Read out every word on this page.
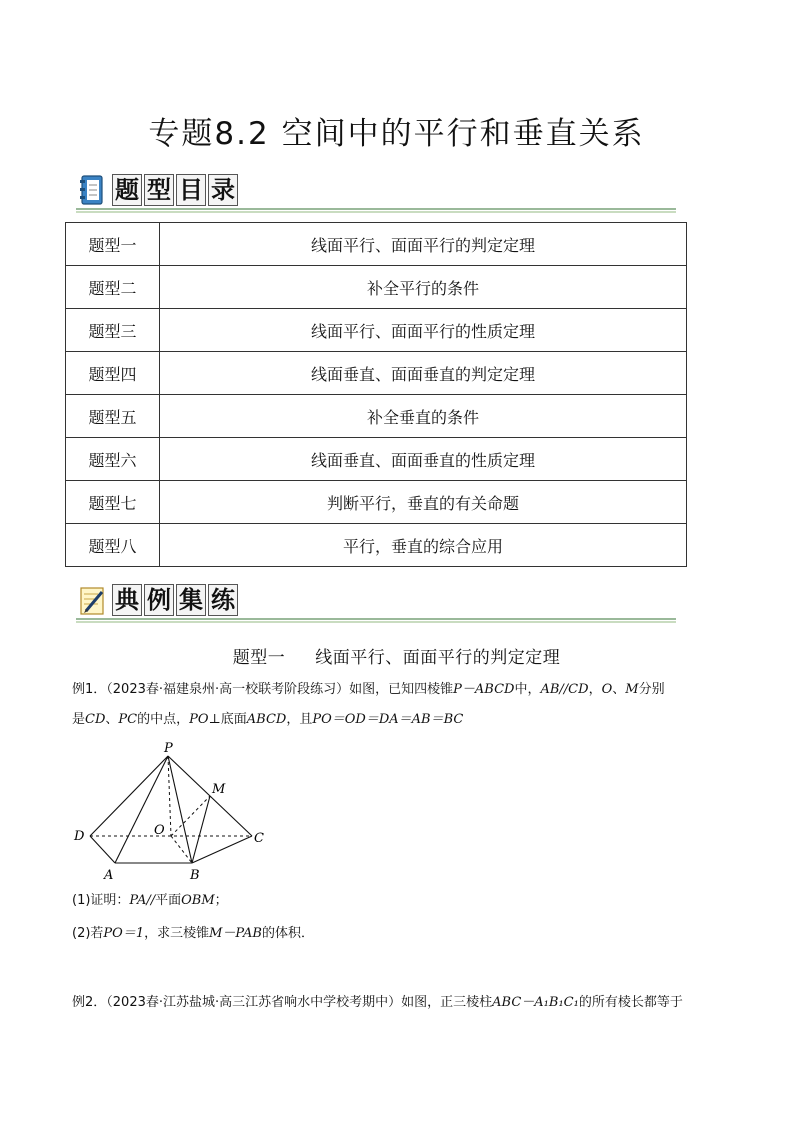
专题8.2 空间中的平行和垂直关系
题 型 目 录
题型一	线面平行、面面平行的判定定理
题型二	补全平行的条件
题型三	线面平行、面面平行的性质定理
题型四	线面垂直、面面垂直的判定定理
题型五	补全垂直的条件
题型六	线面垂直、面面垂直的性质定理
题型七	判断平行，垂直的有关命题
题型八	平行，垂直的综合应用
典 例 集 练
题型一 线面平行、面面平行的判定定理
例1．（2023春·福建泉州·高一校联考阶段练习）如图，已知四棱锥P－ABCD中，AB//CD，O、M分别
是CD、PC的中点，PO⊥底面ABCD，且PO＝OD＝DA＝AB＝BC
P
M
D	O
C
A	B
(1)证明：PA//平面OBM；
(2)若PO＝1，求三棱锥M－PAB的体积．
例2．（2023春·江苏盐城·高三江苏省响水中学校考期中）如图，正三棱柱ABC－A₁B₁C₁的所有棱长都等于
